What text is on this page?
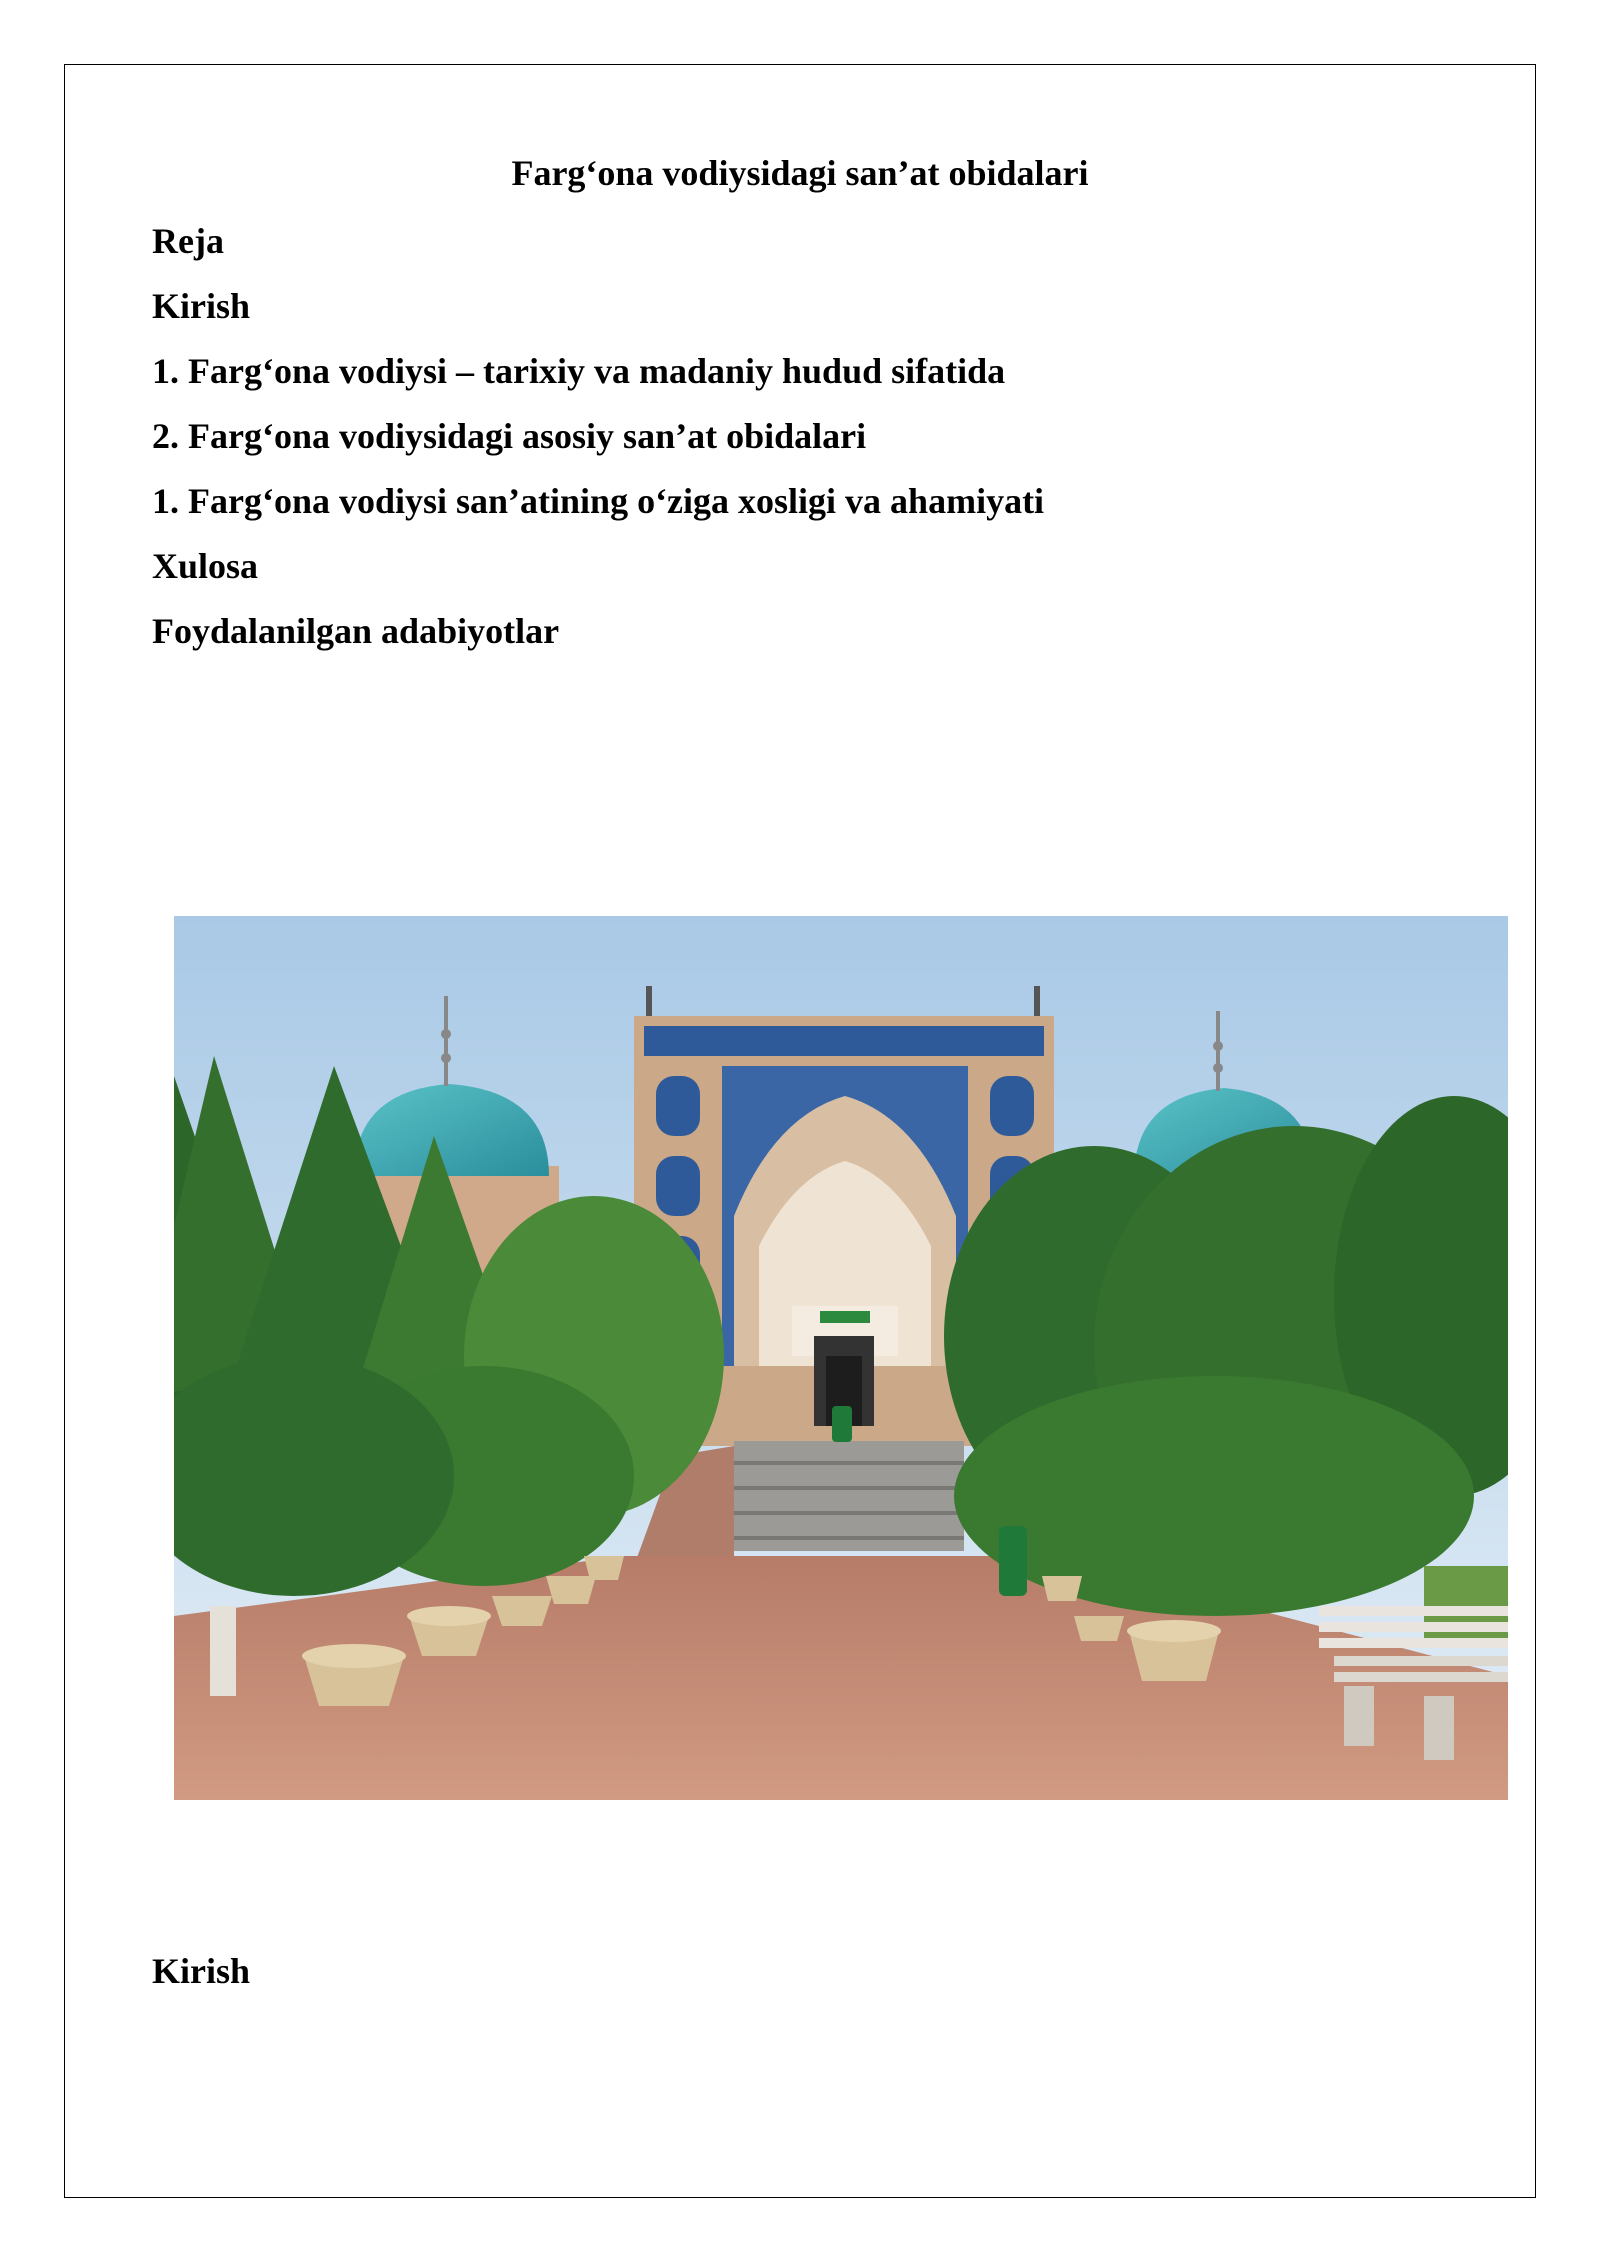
Farg‘ona vodiysidagi san’at obidalari
Reja
Kirish
1. Farg‘ona vodiysi – tarixiy va madaniy hudud sifatida
2. Farg‘ona vodiysidagi asosiy san’at obidalari
1. Farg‘ona vodiysi san’atining o‘ziga xosligi va ahamiyati
Xulosa
Foydalanilgan adabiyotlar
Kirish
